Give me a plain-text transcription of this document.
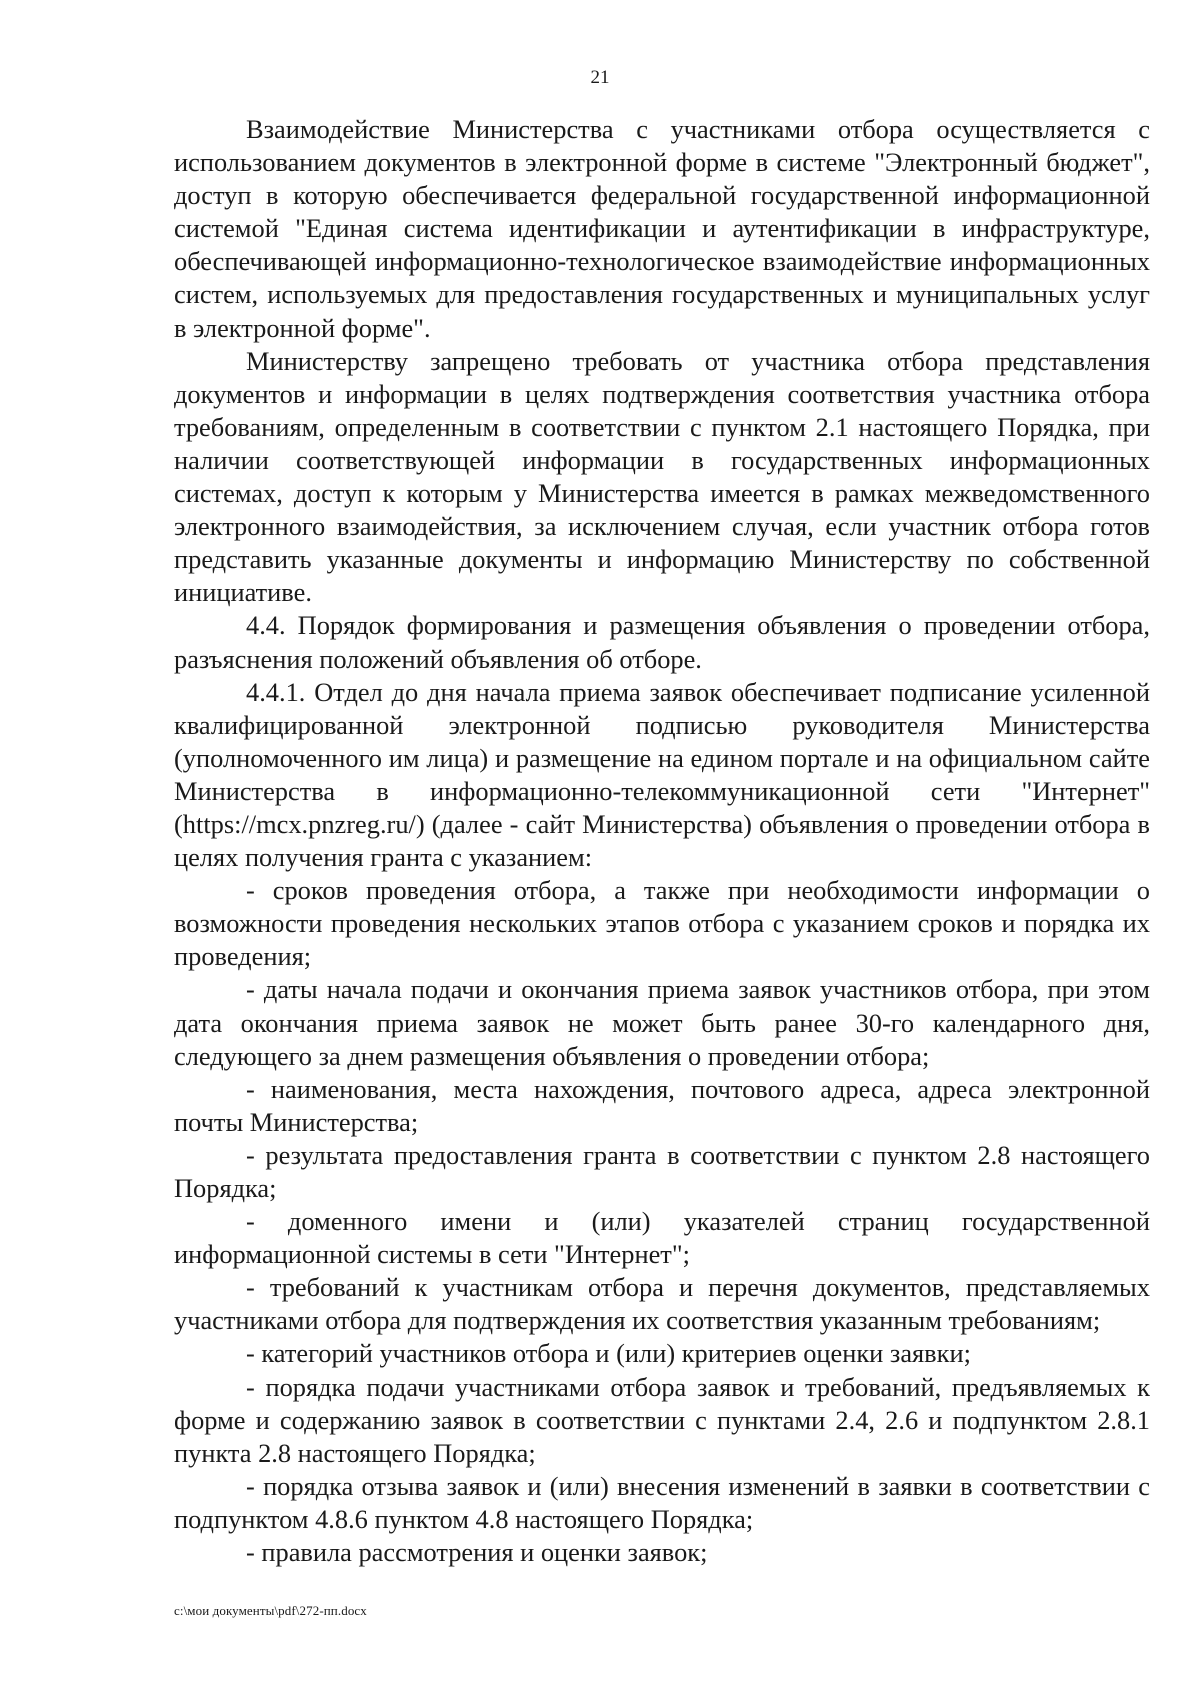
21

Взаимодействие Министерства с участниками отбора осуществляется с использованием документов в электронной форме в системе "Электронный бюджет", доступ в которую обеспечивается федеральной государственной информационной системой "Единая система идентификации и аутентификации в инфраструктуре, обеспечивающей информационно-технологическое взаимодействие информационных систем, используемых для предоставления государственных и муниципальных услуг в электронной форме".

Министерству запрещено требовать от участника отбора представления документов и информации в целях подтверждения соответствия участника отбора требованиям, определенным в соответствии с пунктом 2.1 настоящего Порядка, при наличии соответствующей информации в государственных информационных системах, доступ к которым у Министерства имеется в рамках межведомственного электронного взаимодействия, за исключением случая, если участник отбора готов представить указанные документы и информацию Министерству по собственной инициативе.

4.4. Порядок формирования и размещения объявления о проведении отбора, разъяснения положений объявления об отборе.

4.4.1. Отдел до дня начала приема заявок обеспечивает подписание усиленной квалифицированной электронной подписью руководителя Министерства (уполномоченного им лица) и размещение на едином портале и на официальном сайте Министерства в информационно-телекоммуникационной сети "Интернет" (https://mcx.pnzreg.ru/) (далее - сайт Министерства) объявления о проведении отбора в целях получения гранта с указанием:

- сроков проведения отбора, а также при необходимости информации о возможности проведения нескольких этапов отбора с указанием сроков и порядка их проведения;

- даты начала подачи и окончания приема заявок участников отбора, при этом дата окончания приема заявок не может быть ранее 30-го календарного дня, следующего за днем размещения объявления о проведении отбора;

- наименования, места нахождения, почтового адреса, адреса электронной почты Министерства;

- результата предоставления гранта в соответствии с пунктом 2.8 настоящего Порядка;

- доменного имени и (или) указателей страниц государственной информационной системы в сети "Интернет";

- требований к участникам отбора и перечня документов, представляемых участниками отбора для подтверждения их соответствия указанным требованиям;

- категорий участников отбора и (или) критериев оценки заявки;

- порядка подачи участниками отбора заявок и требований, предъявляемых к форме и содержанию заявок в соответствии с пунктами 2.4, 2.6 и подпунктом 2.8.1 пункта 2.8 настоящего Порядка;

- порядка отзыва заявок и (или) внесения изменений в заявки в соответствии с подпунктом 4.8.6 пунктом 4.8 настоящего Порядка;

- правила рассмотрения и оценки заявок;

c:\мои документы\pdf\272-пп.docx
